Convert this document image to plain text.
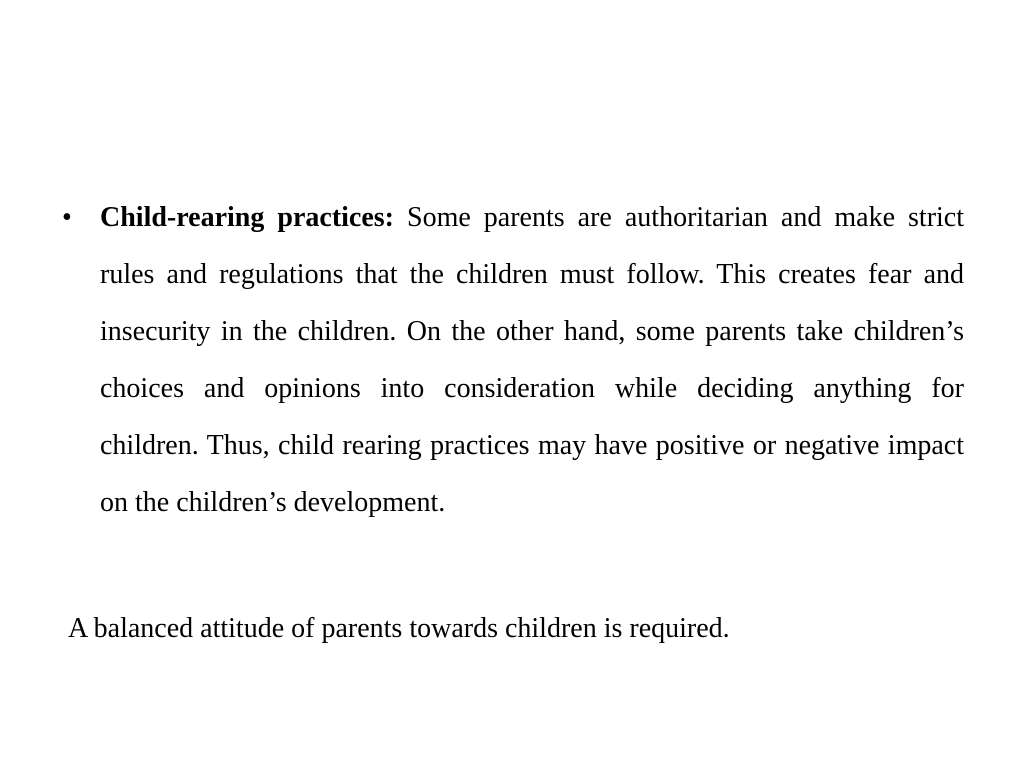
•	Child-rearing practices: Some parents are authoritarian and make strict rules and regulations that the children must follow. This creates fear and insecurity in the children. On the other hand, some parents take children’s choices and opinions into consideration while deciding anything for children. Thus, child rearing practices may have positive or negative impact on the children’s development.
A balanced attitude of parents towards children is required.
